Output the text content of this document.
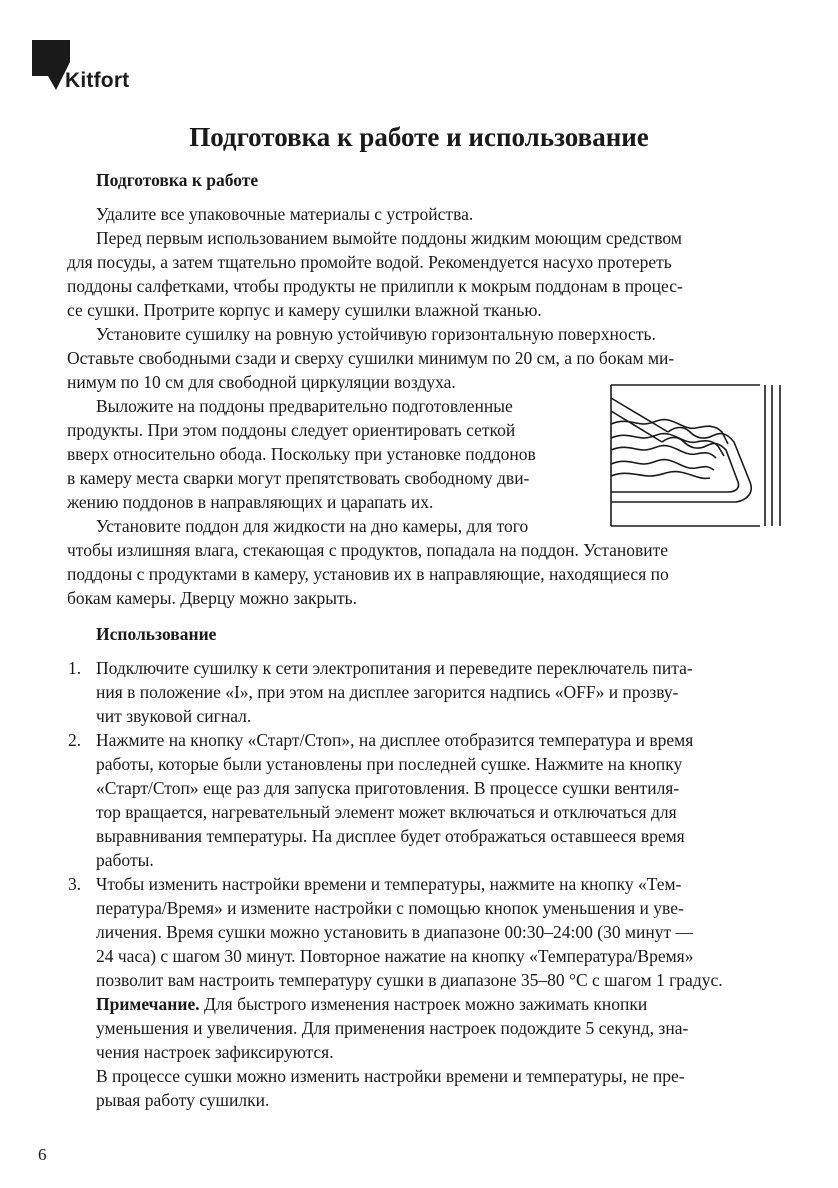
Kitfort
Подготовка к работе и использование

Подготовка к работе

Удалите все упаковочные материалы с устройства.
Перед первым использованием вымойте поддоны жидким моющим средством
для посуды, а затем тщательно промойте водой. Рекомендуется насухо протереть
поддоны салфетками, чтобы продукты не прилипли к мокрым поддонам в процес-
се сушки. Протрите корпус и камеру сушилки влажной тканью.
Установите сушилку на ровную устойчивую горизонтальную поверхность.
Оставьте свободными сзади и сверху сушилки минимум по 20 см, а по бокам ми-
нимум по 10 см для свободной циркуляции воздуха.
Выложите на поддоны предварительно подготовленные
продукты. При этом поддоны следует ориентировать сеткой
вверх относительно обода. Поскольку при установке поддонов
в камеру места сварки могут препятствовать свободному дви-
жению поддонов в направляющих и царапать их.
Установите поддон для жидкости на дно камеры, для того
чтобы излишняя влага, стекающая с продуктов, попадала на поддон. Установите
поддоны с продуктами в камеру, установив их в направляющие, находящиеся по
бокам камеры. Дверцу можно закрыть.

Использование

1. Подключите сушилку к сети электропитания и переведите переключатель пита-
ния в положение «I», при этом на дисплее загорится надпись «OFF» и прозву-
чит звуковой сигнал.
2. Нажмите на кнопку «Старт/Стоп», на дисплее отобразится температура и время
работы, которые были установлены при последней сушке. Нажмите на кнопку
«Старт/Стоп» еще раз для запуска приготовления. В процессе сушки вентиля-
тор вращается, нагревательный элемент может включаться и отключаться для
выравнивания температуры. На дисплее будет отображаться оставшееся время
работы.
3. Чтобы изменить настройки времени и температуры, нажмите на кнопку «Тем-
пература/Время» и измените настройки с помощью кнопок уменьшения и уве-
личения. Время сушки можно установить в диапазоне 00:30–24:00 (30 минут —
24 часа) с шагом 30 минут. Повторное нажатие на кнопку «Температура/Время»
позволит вам настроить температуру сушки в диапазоне 35–80 °С с шагом 1 градус.
Примечание. Для быстрого изменения настроек можно зажимать кнопки
уменьшения и увеличения. Для применения настроек подождите 5 секунд, зна-
чения настроек зафиксируются.
В процессе сушки можно изменить настройки времени и температуры, не пре-
рывая работу сушилки.
6
